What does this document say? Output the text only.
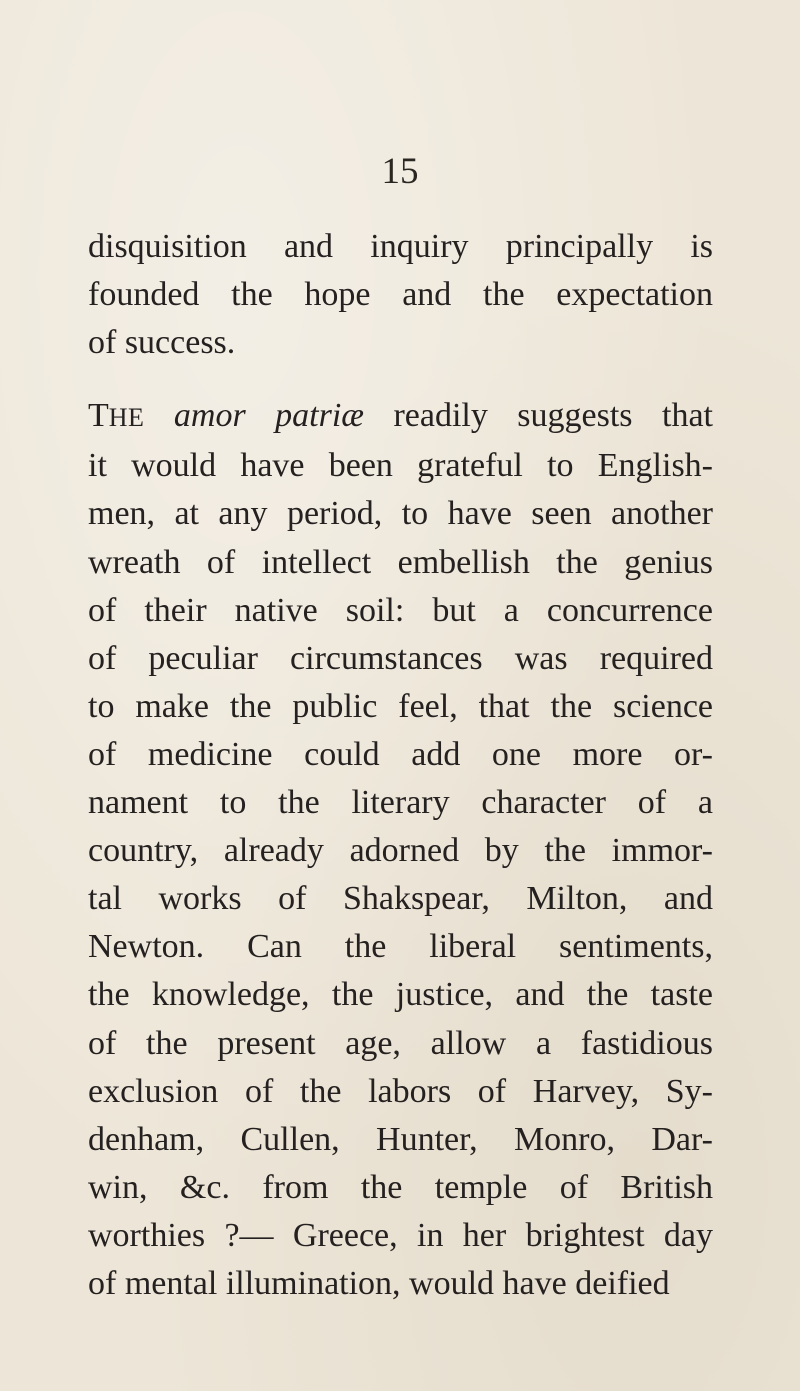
15

disquisition and inquiry principally is
founded the hope and the expectation
of success.

THE amor patriæ readily suggests that
it would have been grateful to English-
men, at any period, to have seen another
wreath of intellect embellish the genius
of their native soil: but a concurrence
of peculiar circumstances was required
to make the public feel, that the science
of medicine could add one more or-
nament to the literary character of a
country, already adorned by the immor-
tal works of Shakspear, Milton, and
Newton. Can the liberal sentiments,
the knowledge, the justice, and the taste
of the present age, allow a fastidious
exclusion of the labors of Harvey, Sy-
denham, Cullen, Hunter, Monro, Dar-
win, &c. from the temple of British
worthies ?— Greece, in her brightest day
of mental illumination, would have deified
